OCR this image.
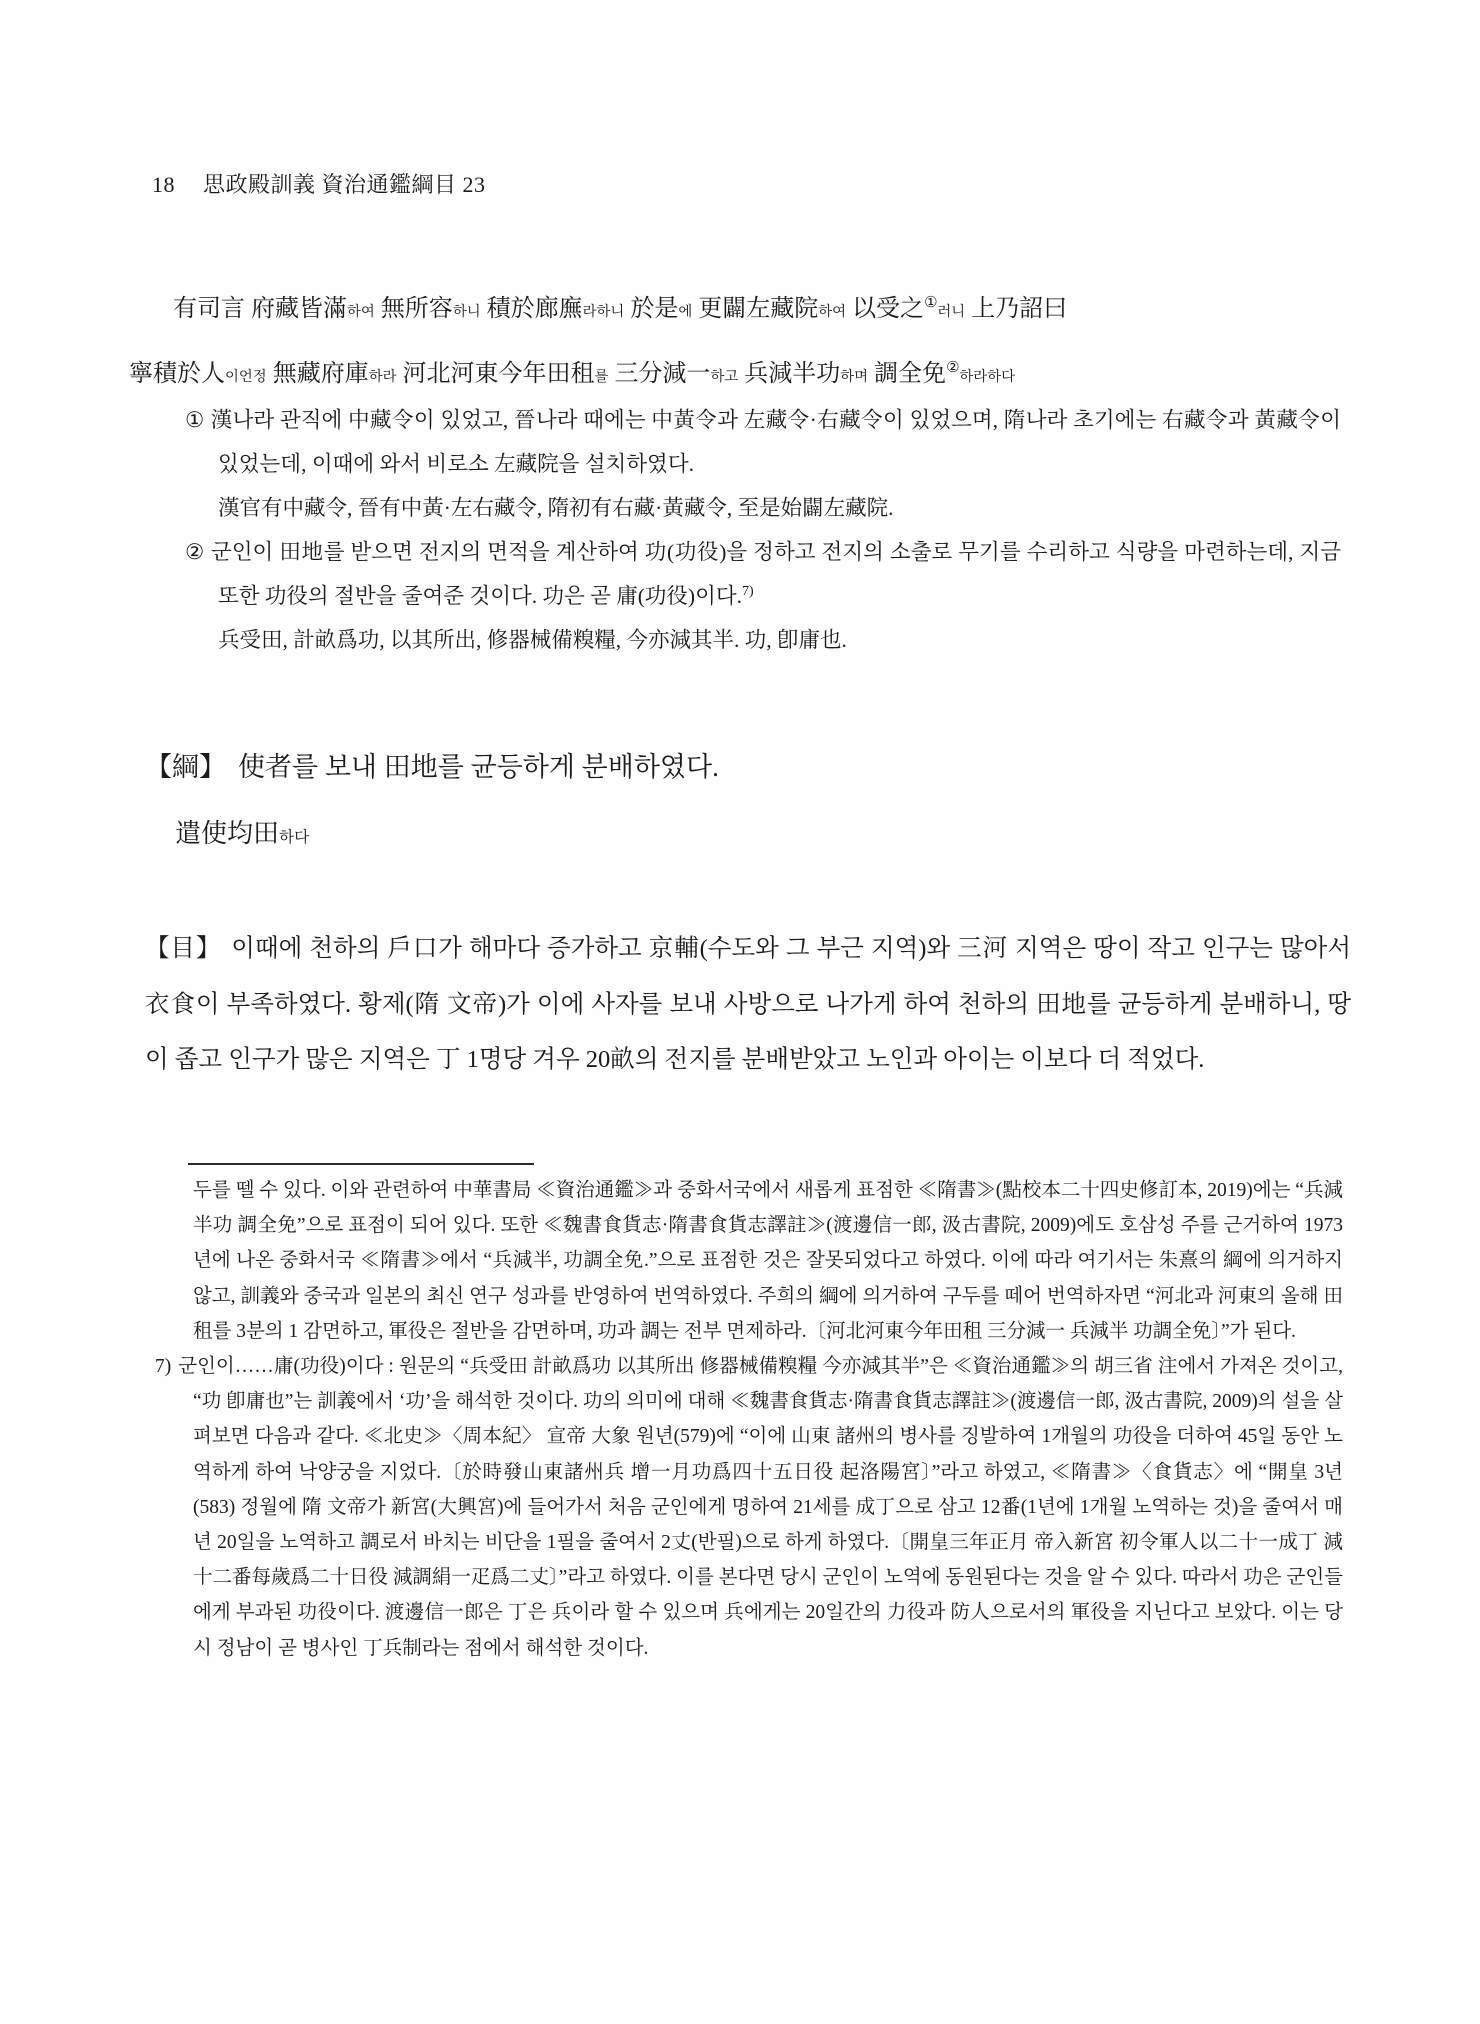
18 思政殿訓義 資治通鑑綱目 23
有司言 府藏皆滿하여 無所容하니 積於廊廡라하니 於是에 更闢左藏院하여 以受之①러니 上乃詔曰
寧積於人이언정 無藏府庫하라 河北河東今年田租를 三分減一하고 兵減半功하며 調全免②하라하다

① 漢나라 관직에 中藏令이 있었고, 晉나라 때에는 中黃令과 左藏令·右藏令이 있었으며, 隋나라 초기에는 右藏令과 黃藏令이 있었는데, 이때에 와서 비로소 左藏院을 설치하였다.

漢官有中藏令, 晉有中黃·左右藏令, 隋初有右藏·黃藏令, 至是始闢左藏院.

② 군인이 田地를 받으면 전지의 면적을 계산하여 功(功役)을 정하고 전지의 소출로 무기를 수리하고 식량을 마련하는데, 지금 또한 功役의 절반을 줄여준 것이다. 功은 곧 庸(功役)이다.$^{7)}$

兵受田, 計畝爲功, 以其所出, 修器械備糗糧, 今亦減其半. 功, 卽庸也.

【綱】 使者를 보내 田地를 균등하게 분배하였다.
遣使均田하다
【目】 이때에 천하의 戶口가 해마다 증가하고 京輔(수도와 그 부근 지역)와 三河 지역은 땅이 작고 인구는 많아서 衣食이 부족하였다. 황제(隋 文帝)가 이에 사자를 보내 사방으로 나가게 하여 천하의 田地를 균등하게 분배하니, 땅이 좁고 인구가 많은 지역은 丁 1명당 겨우 20畝의 전지를 분배받았고 노인과 아이는 이보다 더 적었다.

두를 뗄 수 있다. 이와 관련하여 中華書局 ≪資治通鑑≫과 중화서국에서 새롭게 표점한 ≪隋書≫(點校本二十四史修訂本, 2019)에는 “兵減半功 調全免”으로 표점이 되어 있다. 또한 ≪魏書食貨志·隋書食貨志譯註≫(渡邊信一郎, 汲古書院, 2009)에도 호삼성 주를 근거하여 1973년에 나온 중화서국 ≪隋書≫에서 “兵減半, 功調全免.”으로 표점한 것은 잘못되었다고 하였다. 이에 따라 여기서는 朱熹의 綱에 의거하지 않고, 訓義와 중국과 일본의 최신 연구 성과를 반영하여 번역하였다. 주희의 綱에 의거하여 구두를 떼어 번역하자면 “河北과 河東의 올해 田租를 3분의 1 감면하고, 軍役은 절반을 감면하며, 功과 調는 전부 면제하라.〔河北河東今年田租 三分減一 兵減半 功調全免〕”가 된다.

7) 군인이……庸(功役)이다 : 원문의 “兵受田 計畝爲功 以其所出 修器械備糗糧 今亦減其半”은 ≪資治通鑑≫의 胡三省 注에서 가져온 것이고, “功 卽庸也”는 訓義에서 ‘功’을 해석한 것이다. 功의 의미에 대해 ≪魏書食貨志·隋書食貨志譯註≫(渡邊信一郎, 汲古書院, 2009)의 설을 살펴보면 다음과 같다. ≪北史≫〈周本紀〉 宣帝 大象 원년(579)에 “이에 山東 諸州의 병사를 징발하여 1개월의 功役을 더하여 45일 동안 노역하게 하여 낙양궁을 지었다.〔於時發山東諸州兵 增一月功爲四十五日役 起洛陽宮〕”라고 하였고, ≪隋書≫〈食貨志〉에 “開皇 3년(583) 정월에 隋 文帝가 新宮(大興宮)에 들어가서 처음 군인에게 명하여 21세를 成丁으로 삼고 12番(1년에 1개월 노역하는 것)을 줄여서 매년 20일을 노역하고 調로서 바치는 비단을 1필을 줄여서 2丈(반필)으로 하게 하였다.〔開皇三年正月 帝入新宮 初令軍人以二十一成丁 減十二番每歲爲二十日役 減調絹一疋爲二丈〕”라고 하였다. 이를 본다면 당시 군인이 노역에 동원된다는 것을 알 수 있다. 따라서 功은 군인들에게 부과된 功役이다. 渡邊信一郎은 丁은 兵이라 할 수 있으며 兵에게는 20일간의 力役과 防人으로서의 軍役을 지닌다고 보았다. 이는 당시 정남이 곧 병사인 丁兵制라는 점에서 해석한 것이다.
